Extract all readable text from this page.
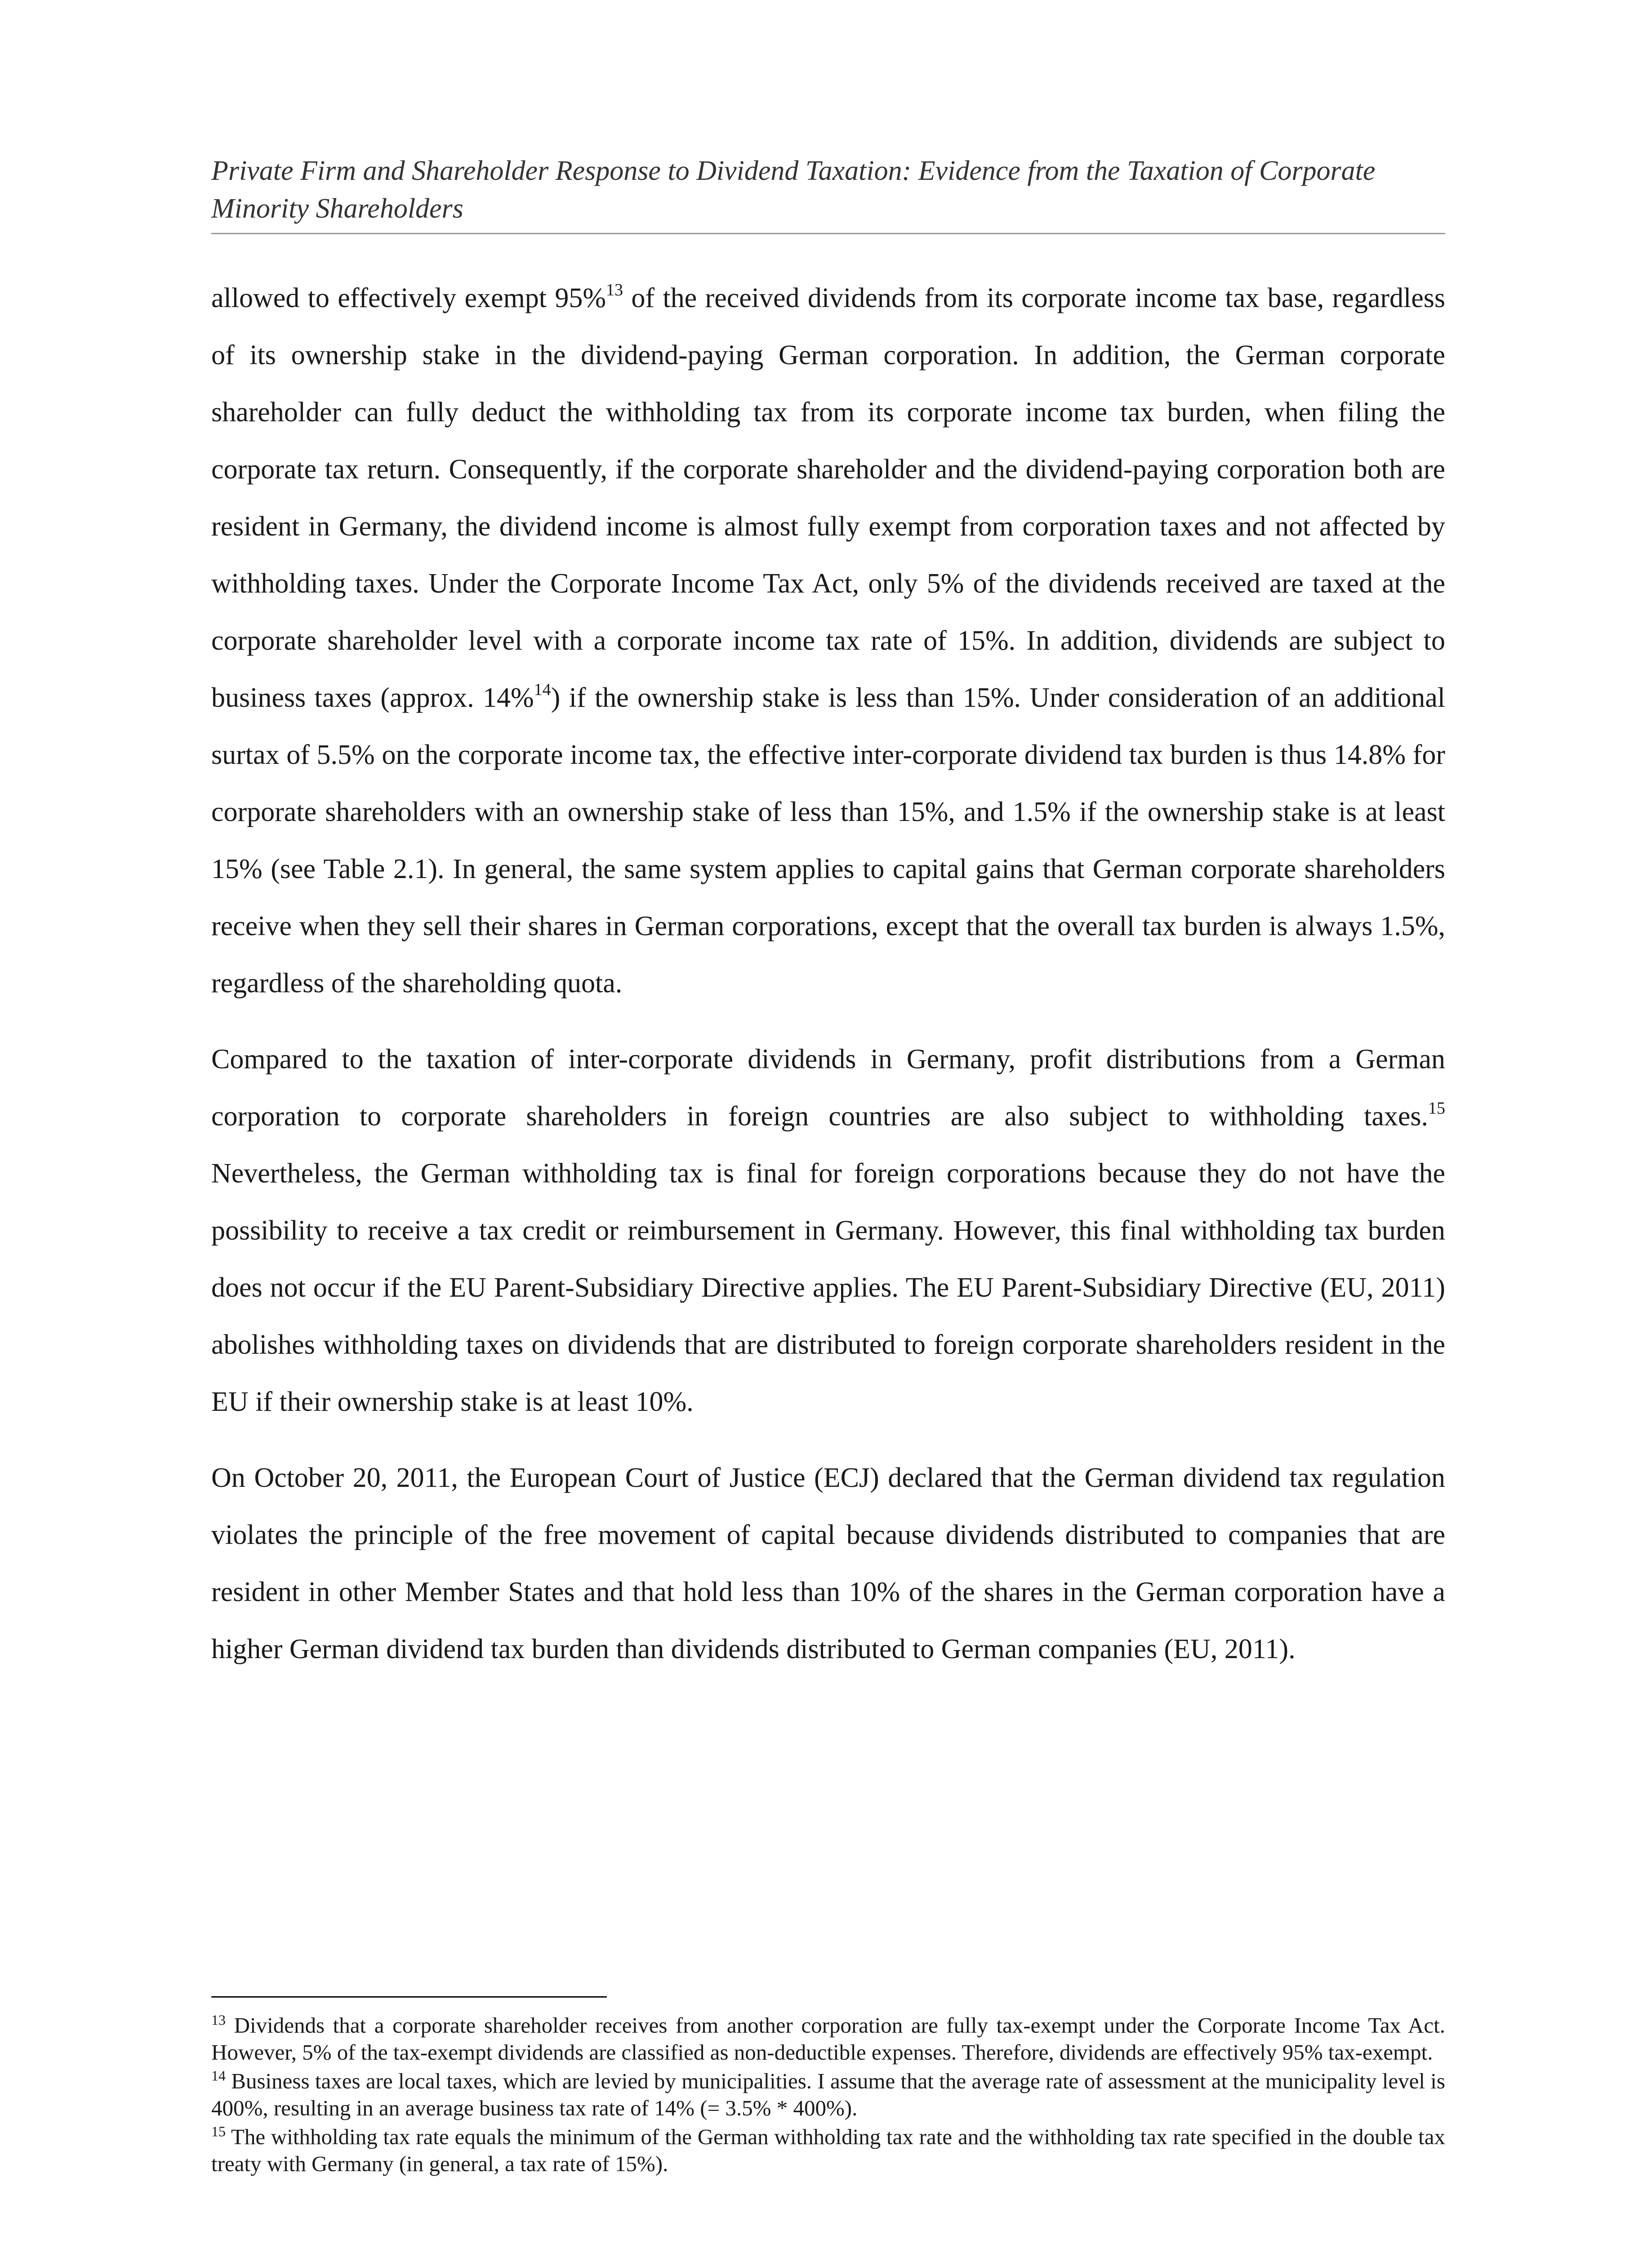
Private Firm and Shareholder Response to Dividend Taxation: Evidence from the Taxation of Corporate Minority Shareholders

allowed to effectively exempt 95%$^{13}$ of the received dividends from its corporate income tax base, regardless of its ownership stake in the dividend-paying German corporation. In addition, the German corporate shareholder can fully deduct the withholding tax from its corporate income tax burden, when filing the corporate tax return. Consequently, if the corporate shareholder and the dividend-paying corporation both are resident in Germany, the dividend income is almost fully exempt from corporation taxes and not affected by withholding taxes. Under the Corporate Income Tax Act, only 5% of the dividends received are taxed at the corporate shareholder level with a corporate income tax rate of 15%. In addition, dividends are subject to business taxes (approx. 14%$^{14}$) if the ownership stake is less than 15%. Under consideration of an additional surtax of 5.5% on the corporate income tax, the effective inter-corporate dividend tax burden is thus 14.8% for corporate shareholders with an ownership stake of less than 15%, and 1.5% if the ownership stake is at least 15% (see Table 2.1). In general, the same system applies to capital gains that German corporate shareholders receive when they sell their shares in German corporations, except that the overall tax burden is always 1.5%, regardless of the shareholding quota.

Compared to the taxation of inter-corporate dividends in Germany, profit distributions from a German corporation to corporate shareholders in foreign countries are also subject to withholding taxes.$^{15}$ Nevertheless, the German withholding tax is final for foreign corporations because they do not have the possibility to receive a tax credit or reimbursement in Germany. However, this final withholding tax burden does not occur if the EU Parent-Subsidiary Directive applies. The EU Parent-Subsidiary Directive (EU, 2011) abolishes withholding taxes on dividends that are distributed to foreign corporate shareholders resident in the EU if their ownership stake is at least 10%.

On October 20, 2011, the European Court of Justice (ECJ) declared that the German dividend tax regulation violates the principle of the free movement of capital because dividends distributed to companies that are resident in other Member States and that hold less than 10% of the shares in the German corporation have a higher German dividend tax burden than dividends distributed to German companies (EU, 2011).

$^{13}$ Dividends that a corporate shareholder receives from another corporation are fully tax-exempt under the Corporate Income Tax Act. However, 5% of the tax-exempt dividends are classified as non-deductible expenses. Therefore, dividends are effectively 95% tax-exempt.

$^{14}$ Business taxes are local taxes, which are levied by municipalities. I assume that the average rate of assessment at the municipality level is 400%, resulting in an average business tax rate of 14% (= 3.5% * 400%).

$^{15}$ The withholding tax rate equals the minimum of the German withholding tax rate and the withholding tax rate specified in the double tax treaty with Germany (in general, a tax rate of 15%).
